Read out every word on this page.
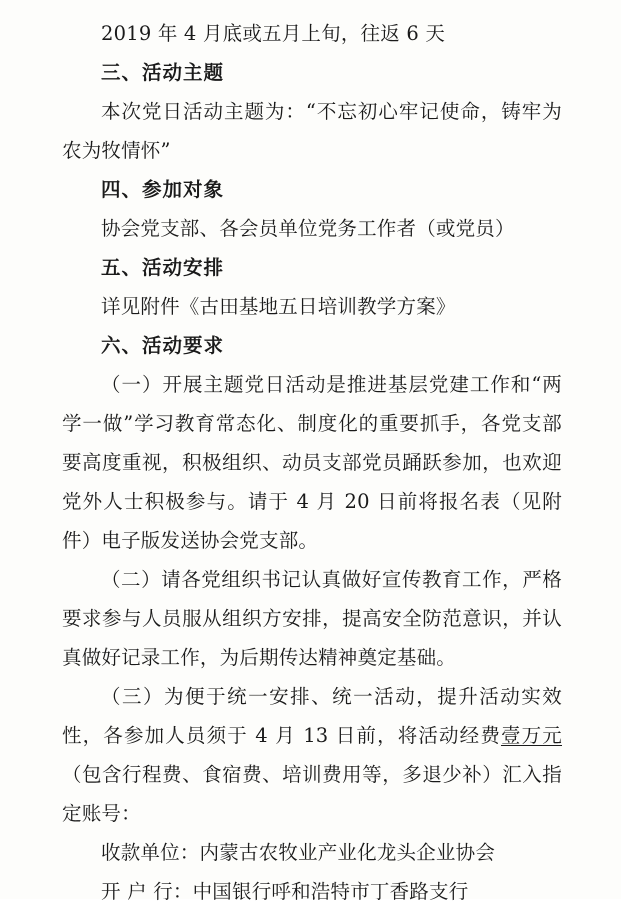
2019 年 4 月底或五月上旬，往返 6 天

三、活动主题

本次党日活动主题为：“不忘初心牢记使命，铸牢为农为牧情怀”

四、参加对象

协会党支部、各会员单位党务工作者（或党员）

五、活动安排

详见附件《古田基地五日培训教学方案》

六、活动要求

（一）开展主题党日活动是推进基层党建工作和“两学一做”学习教育常态化、制度化的重要抓手，各党支部要高度重视，积极组织、动员支部党员踊跃参加，也欢迎党外人士积极参与。请于 4 月 20 日前将报名表（见附件）电子版发送协会党支部。

（二）请各党组织书记认真做好宣传教育工作，严格要求参与人员服从组织方安排，提高安全防范意识，并认真做好记录工作，为后期传达精神奠定基础。

（三）为便于统一安排、统一活动，提升活动实效性，各参加人员须于 4 月 13 日前，将活动经费壹万元（包含行程费、食宿费、培训费用等，多退少补）汇入指定账号：

收款单位：内蒙古农牧业产业化龙头企业协会

开 户 行：中国银行呼和浩特市丁香路支行
